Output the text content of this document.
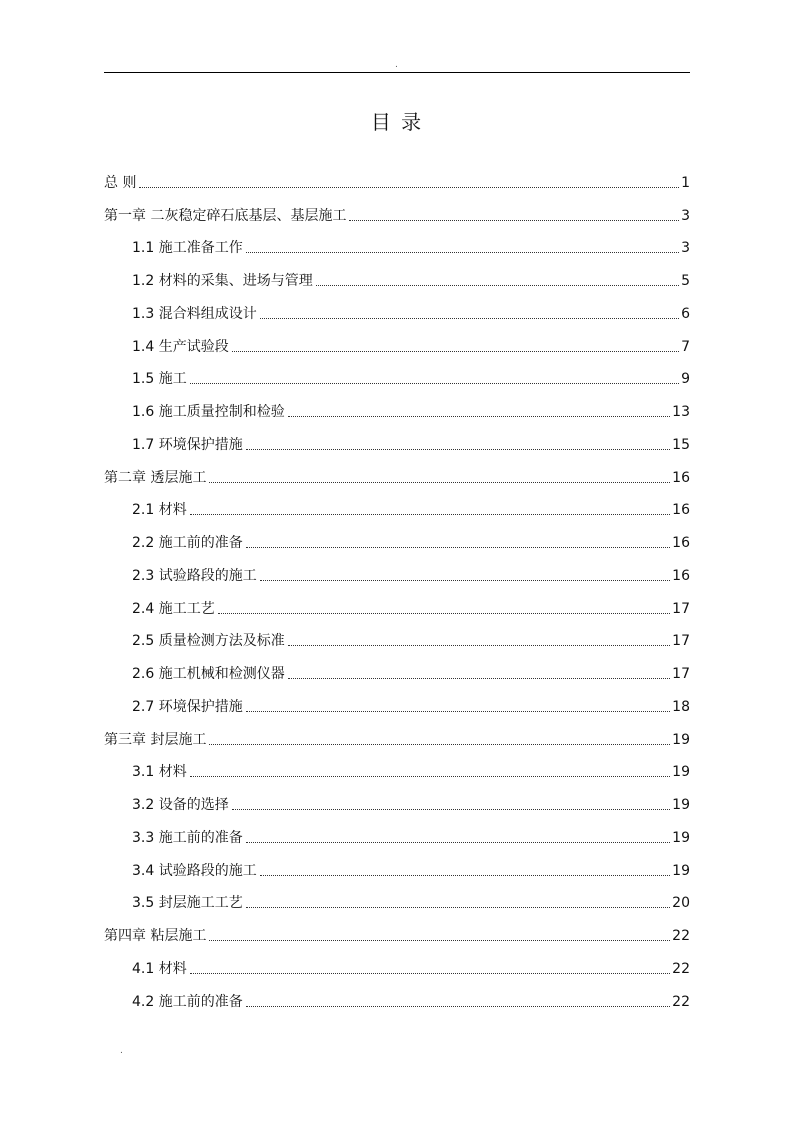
.
目 录
总 则	1
第一章 二灰稳定碎石底基层、基层施工	3
1.1 施工准备工作	3
1.2 材料的采集、进场与管理	5
1.3 混合料组成设计	6
1.4 生产试验段	7
1.5 施工	9
1.6 施工质量控制和检验	13
1.7 环境保护措施	15
第二章 透层施工	16
2.1 材料	16
2.2 施工前的准备	16
2.3 试验路段的施工	16
2.4 施工工艺	17
2.5 质量检测方法及标准	17
2.6 施工机械和检测仪器	17
2.7 环境保护措施	18
第三章 封层施工	19
3.1 材料	19
3.2 设备的选择	19
3.3 施工前的准备	19
3.4 试验路段的施工	19
3.5 封层施工工艺	20
第四章 粘层施工	22
4.1 材料	22
4.2 施工前的准备	22
.
